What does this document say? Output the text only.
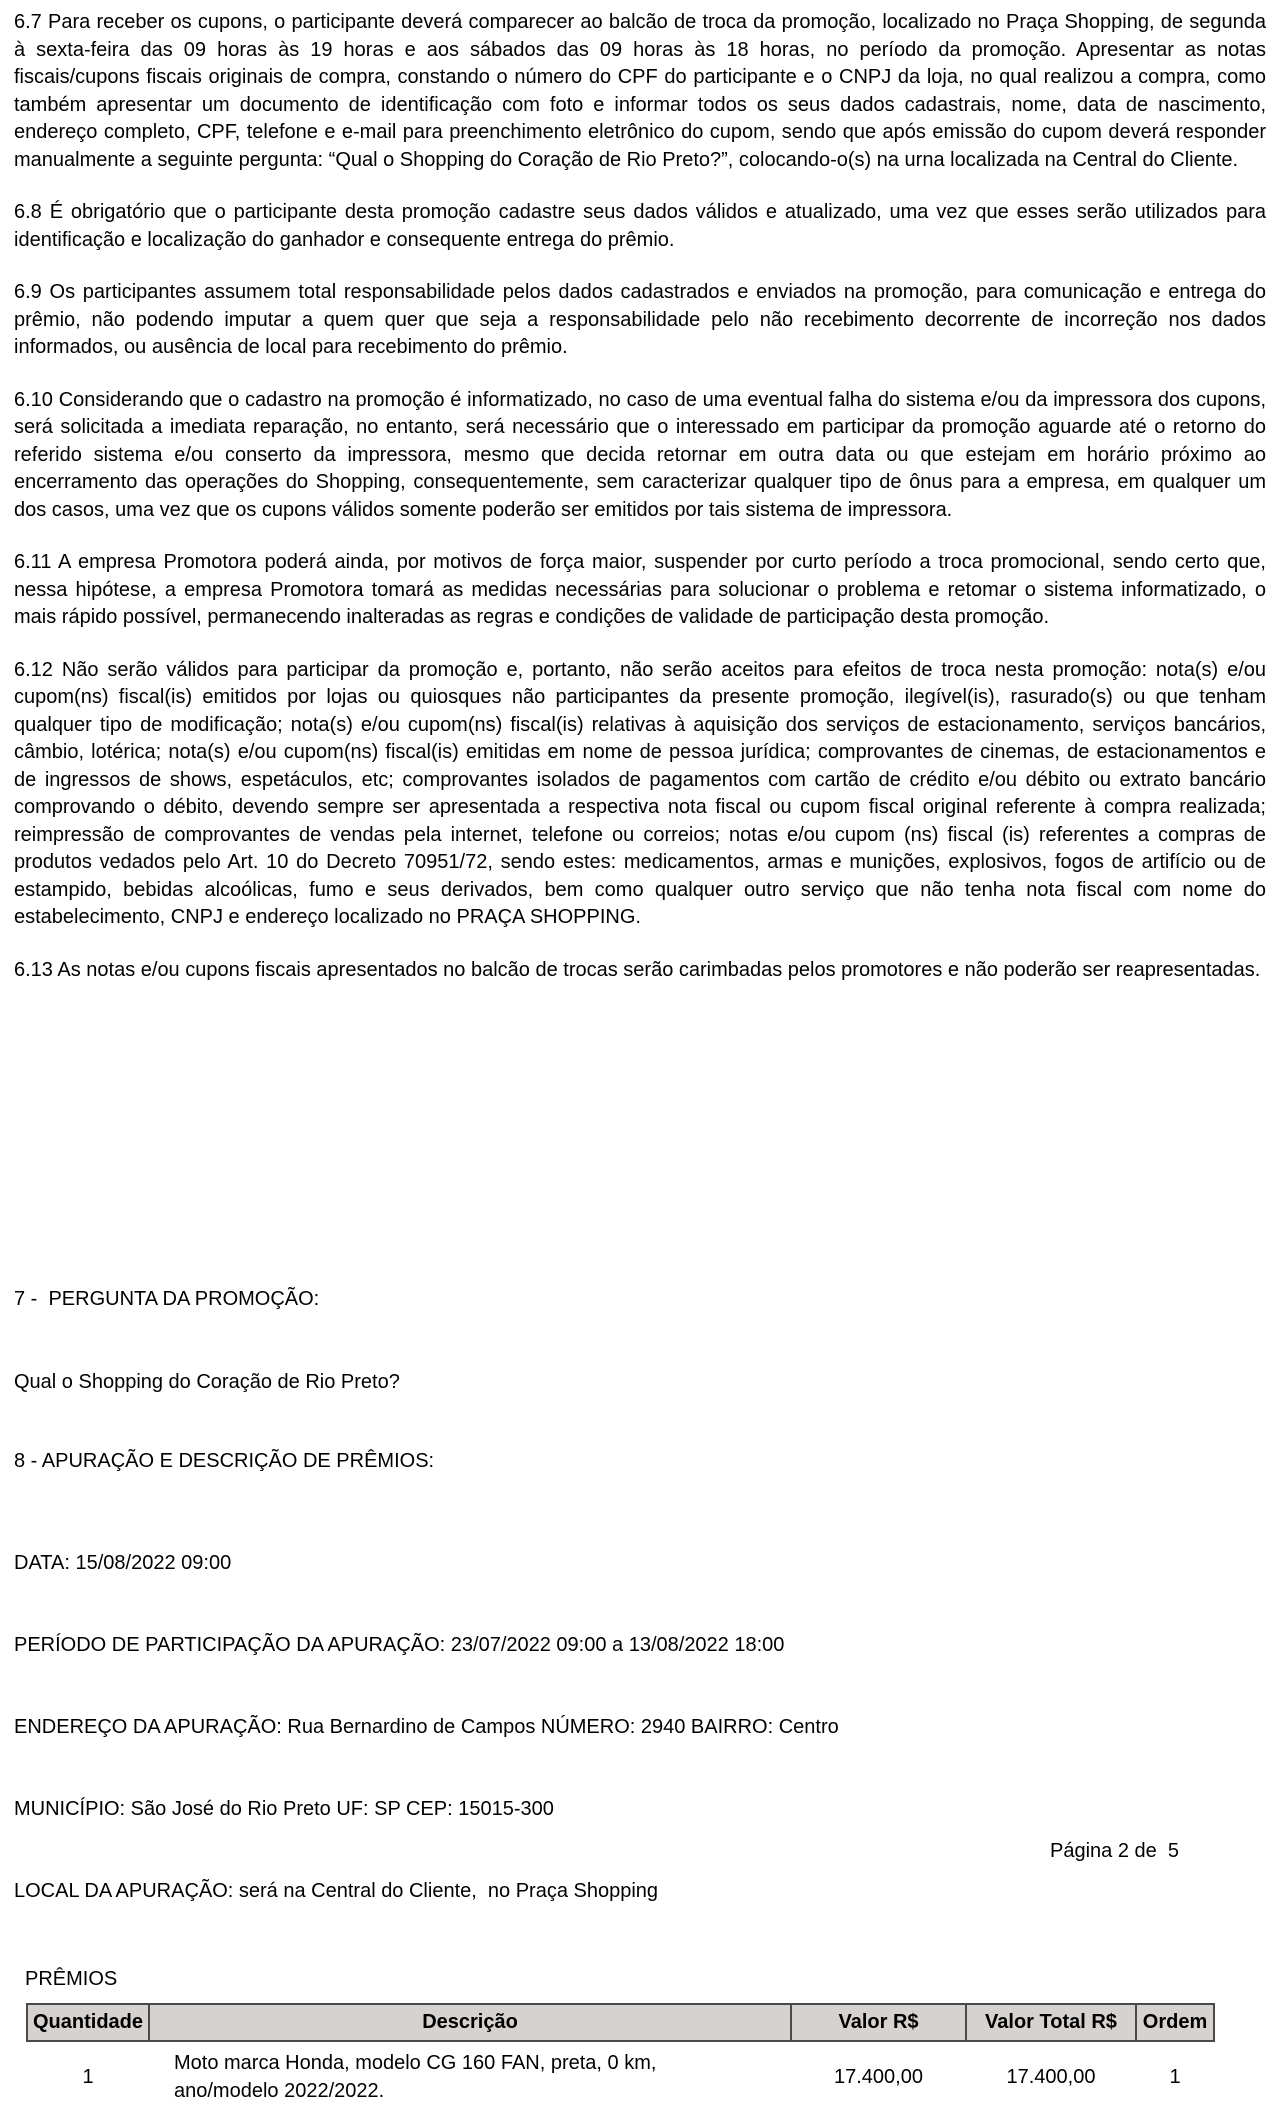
6.7 Para receber os cupons, o participante deverá comparecer ao balcão de troca da promoção, localizado no Praça Shopping, de segunda à sexta-feira das 09 horas às 19 horas e aos sábados das 09 horas às 18 horas, no período da promoção. Apresentar as notas fiscais/cupons fiscais originais de compra, constando o número do CPF do participante e o CNPJ da loja, no qual realizou a compra, como também apresentar um documento de identificação com foto e informar todos os seus dados cadastrais, nome, data de nascimento, endereço completo, CPF, telefone e e-mail para preenchimento eletrônico do cupom, sendo que após emissão do cupom deverá responder manualmente a seguinte pergunta: “Qual o Shopping do Coração de Rio Preto?”, colocando-o(s) na urna localizada na Central do Cliente.

6.8 É obrigatório que o participante desta promoção cadastre seus dados válidos e atualizado, uma vez que esses serão utilizados para identificação e localização do ganhador e consequente entrega do prêmio.

6.9 Os participantes assumem total responsabilidade pelos dados cadastrados e enviados na promoção, para comunicação e entrega do prêmio, não podendo imputar a quem quer que seja a responsabilidade pelo não recebimento decorrente de incorreção nos dados informados, ou ausência de local para recebimento do prêmio.

6.10 Considerando que o cadastro na promoção é informatizado, no caso de uma eventual falha do sistema e/ou da impressora dos cupons, será solicitada a imediata reparação, no entanto, será necessário que o interessado em participar da promoção aguarde até o retorno do referido sistema e/ou conserto da impressora, mesmo que decida retornar em outra data ou que estejam em horário próximo ao encerramento das operações do Shopping, consequentemente, sem caracterizar qualquer tipo de ônus para a empresa, em qualquer um dos casos, uma vez que os cupons válidos somente poderão ser emitidos por tais sistema de impressora.

6.11 A empresa Promotora poderá ainda, por motivos de força maior, suspender por curto período a troca promocional, sendo certo que, nessa hipótese, a empresa Promotora tomará as medidas necessárias para solucionar o problema e retomar o sistema informatizado, o mais rápido possível, permanecendo inalteradas as regras e condições de validade de participação desta promoção.

6.12 Não serão válidos para participar da promoção e, portanto, não serão aceitos para efeitos de troca nesta promoção: nota(s) e/ou cupom(ns) fiscal(is) emitidos por lojas ou quiosques não participantes da presente promoção, ilegível(is), rasurado(s) ou que tenham qualquer tipo de modificação; nota(s) e/ou cupom(ns) fiscal(is) relativas à aquisição dos serviços de estacionamento, serviços bancários, câmbio, lotérica; nota(s) e/ou cupom(ns) fiscal(is) emitidas em nome de pessoa jurídica; comprovantes de cinemas, de estacionamentos e de ingressos de shows, espetáculos, etc; comprovantes isolados de pagamentos com cartão de crédito e/ou débito ou extrato bancário comprovando o débito, devendo sempre ser apresentada a respectiva nota fiscal ou cupom fiscal original referente à compra realizada; reimpressão de comprovantes de vendas pela internet, telefone ou correios; notas e/ou cupom (ns) fiscal (is) referentes a compras de produtos vedados pelo Art. 10 do Decreto 70951/72, sendo estes: medicamentos, armas e munições, explosivos, fogos de artifício ou de estampido, bebidas alcoólicas, fumo e seus derivados, bem como qualquer outro serviço que não tenha nota fiscal com nome do estabelecimento, CNPJ e endereço localizado no PRAÇA SHOPPING.

6.13 As notas e/ou cupons fiscais apresentados no balcão de trocas serão carimbadas pelos promotores e não poderão ser reapresentadas.

7 -  PERGUNTA DA PROMOÇÃO:

Qual o Shopping do Coração de Rio Preto?

8 - APURAÇÃO E DESCRIÇÃO DE PRÊMIOS:

DATA: 15/08/2022 09:00

PERÍODO DE PARTICIPAÇÃO DA APURAÇÃO: 23/07/2022 09:00 a 13/08/2022 18:00

ENDEREÇO DA APURAÇÃO: Rua Bernardino de Campos NÚMERO: 2940 BAIRRO: Centro

MUNICÍPIO: São José do Rio Preto UF: SP CEP: 15015-300

LOCAL DA APURAÇÃO: será na Central do Cliente,  no Praça Shopping

PRÊMIOS
Quantidade	Descrição	Valor R$	Valor Total R$	Ordem
1	Moto marca Honda, modelo CG 160 FAN, preta, 0 km, ano/modelo 2022/2022.	17.400,00	17.400,00	1
Página 2 de  5
